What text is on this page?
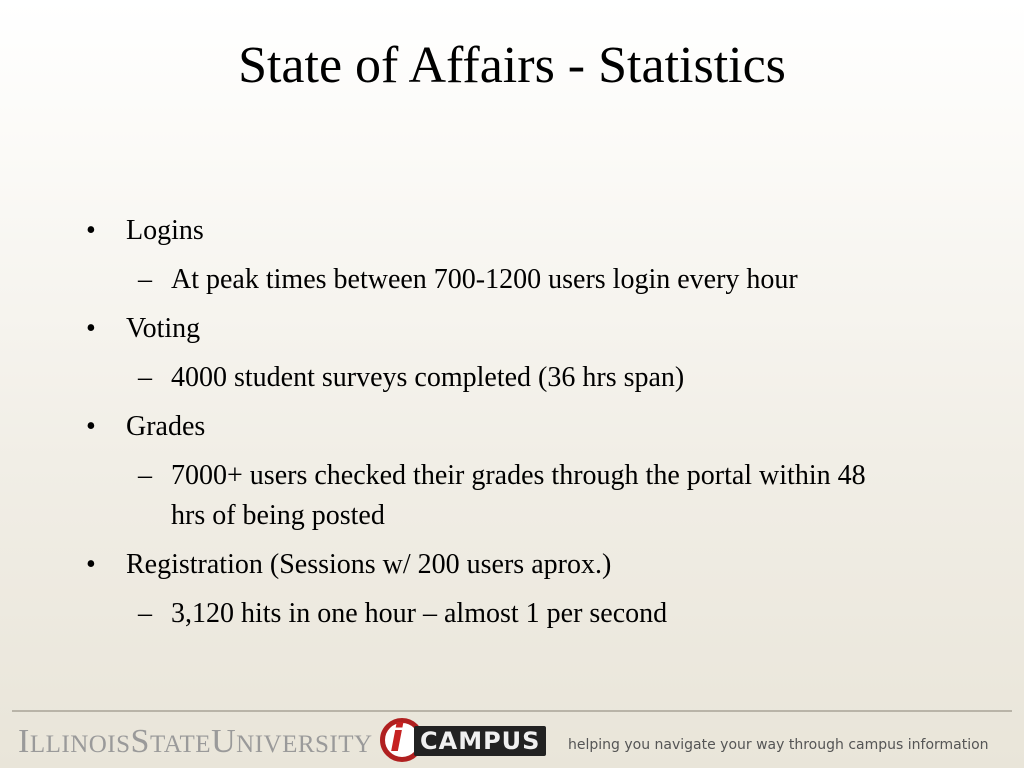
State of Affairs - Statistics
•	Logins
– At peak times between 700-1200 users login every hour
•	Voting
– 4000 student surveys completed (36 hrs span)
•	Grades
– 7000+ users checked their grades through the portal within 48 hrs of being posted
•	Registration (Sessions w/ 200 users aprox.)
– 3,120 hits in one hour – almost 1 per second
ILLINOISSTATEUNIVERSITY i CAMPUS	helping you navigate your way through campus information
